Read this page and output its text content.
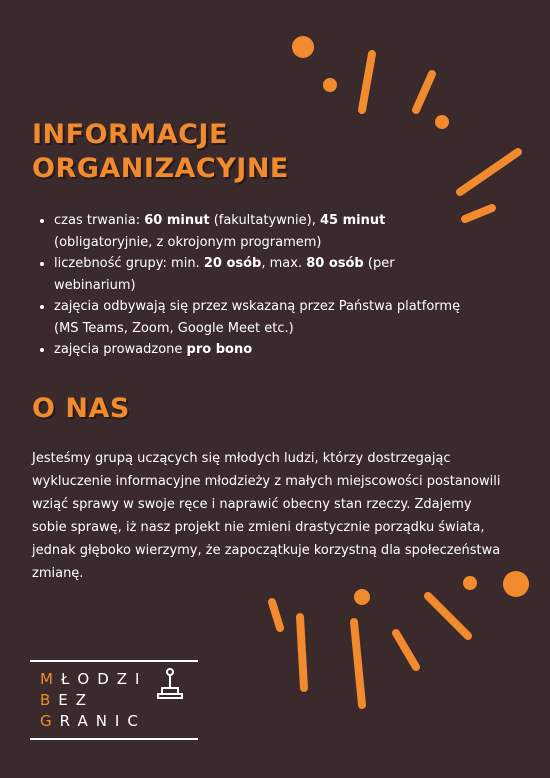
INFORMACJE ORGANIZACYJNE
• czas trwania: 60 minut (fakultatywnie), 45 minut (obligatoryjnie, z okrojonym programem)
• liczebność grupy: min. 20 osób, max. 80 osób (per webinarium)
• zajęcia odbywają się przez wskazaną przez Państwa platformę (MS Teams, Zoom, Google Meet etc.)
• zajęcia prowadzone pro bono
O NAS

Jesteśmy grupą uczących się młodych ludzi, którzy dostrzegając wykluczenie informacyjne młodzieży z małych miejscowości postanowili wziąć sprawy w swoje ręce i naprawić obecny stan rzeczy. Zdajemy sobie sprawę, iż nasz projekt nie zmieni drastycznie porządku świata, jednak głęboko wierzymy, że zapoczątkuje korzystną dla społeczeństwa zmianę.

MŁODZI
BEZ
GRANIC
